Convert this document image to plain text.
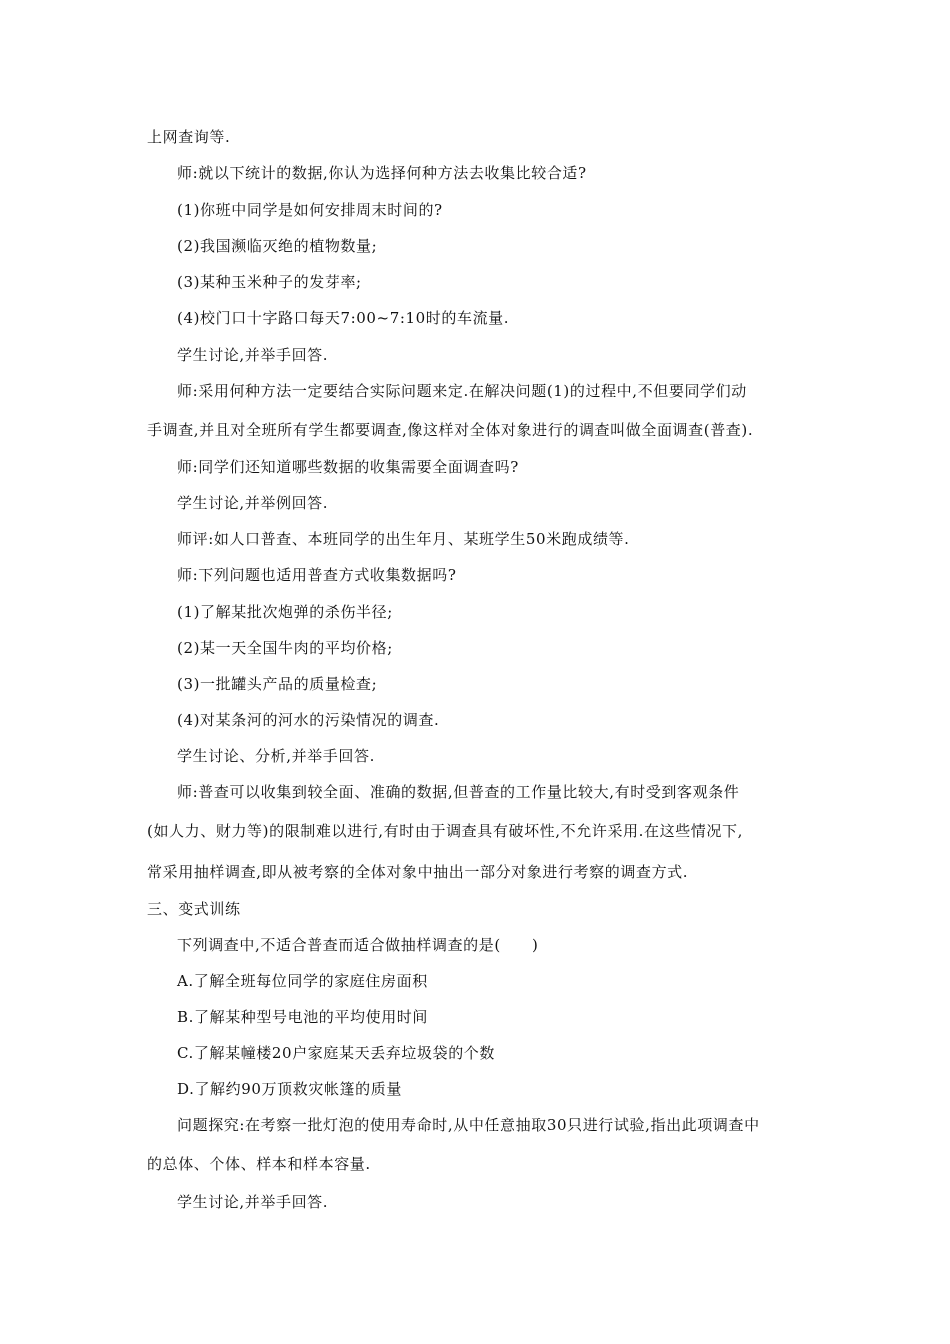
上网查询等.
师:就以下统计的数据,你认为选择何种方法去收集比较合适?
(1)你班中同学是如何安排周末时间的?
(2)我国濒临灭绝的植物数量;
(3)某种玉米种子的发芽率;
(4)校门口十字路口每天7:00~7:10时的车流量.
学生讨论,并举手回答.
师:采用何种方法一定要结合实际问题来定.在解决问题(1)的过程中,不但要同学们动
手调查,并且对全班所有学生都要调查,像这样对全体对象进行的调查叫做全面调查(普查).
师:同学们还知道哪些数据的收集需要全面调查吗?
学生讨论,并举例回答.
师评:如人口普查、本班同学的出生年月、某班学生50米跑成绩等.
师:下列问题也适用普查方式收集数据吗?
(1)了解某批次炮弹的杀伤半径;
(2)某一天全国牛肉的平均价格;
(3)一批罐头产品的质量检查;
(4)对某条河的河水的污染情况的调查.
学生讨论、分析,并举手回答.
师:普查可以收集到较全面、准确的数据,但普查的工作量比较大,有时受到客观条件
(如人力、财力等)的限制难以进行,有时由于调查具有破坏性,不允许采用.在这些情况下,
常采用抽样调查,即从被考察的全体对象中抽出一部分对象进行考察的调查方式.
三、变式训练
下列调查中,不适合普查而适合做抽样调查的是(　　)
A.了解全班每位同学的家庭住房面积
B.了解某种型号电池的平均使用时间
C.了解某幢楼20户家庭某天丢弃垃圾袋的个数
D.了解约90万顶救灾帐篷的质量
问题探究:在考察一批灯泡的使用寿命时,从中任意抽取30只进行试验,指出此项调查中
的总体、个体、样本和样本容量.
学生讨论,并举手回答.
